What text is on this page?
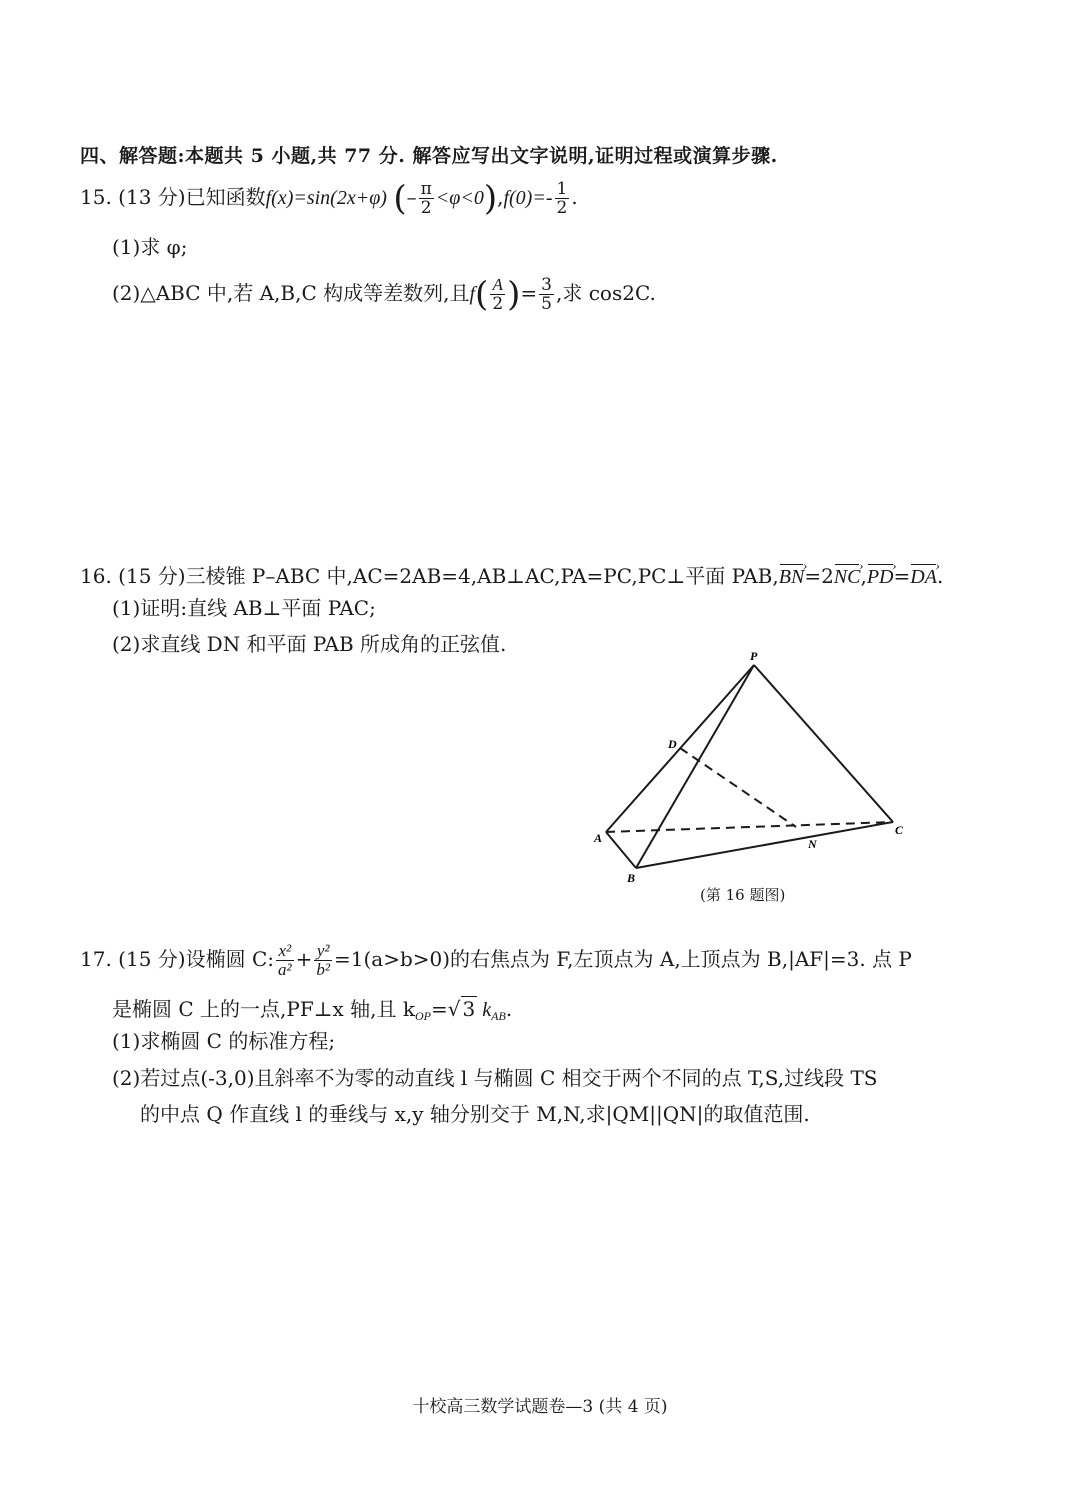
四、解答题:本题共 5 小题,共 77 分. 解答应写出文字说明,证明过程或演算步骤.
15. (13 分)已知函数f(x)=sin(2x+φ) (– $\frac{\pi}{2} <\varphi<0),f(0)=- \frac{1}{2}$ .
(1)求 φ;
(2)△ABC 中,若 A,B,C 构成等差数列,且$f( \frac{A}{2}$ )= $\frac{3}{5}$ ,求 cos2C.
16. (15 分)三棱锥 P–ABC 中,AC=2AB=4,AB⊥AC,PA=PC,PC⊥平面 PAB,BN ›=2NC ›,PD ›=DA ›.
(1)证明:直线 AB⊥平面 PAC;
(2)求直线 DN 和平面 PAB 所成角的正弦值.	P
D
A
B
N
C
(第 16 题图)
17. (15 分)设椭圆 C: $\frac{\text{x²}}{\text{a²}} + \frac{\text{y²}}{\text{b²}} =1(a>b>0)$的右焦点为 F,左顶点为 A,上顶点为 B,|AF|=3. 点 P
是椭圆 C 上的一点,PF⊥x 轴,且 $k_{OP}=√$ 3 $k_{AB}$.
(1)求椭圆 C 的标准方程;
(2)若过点(-3,0)且斜率不为零的动直线 l 与椭圆 C 相交于两个不同的点 T,S,过线段 TS
的中点 Q 作直线 l 的垂线与 x,y 轴分别交于 M,N,求|QM||QN|的取值范围.
十校高三数学试题卷—3 (共 4 页)
